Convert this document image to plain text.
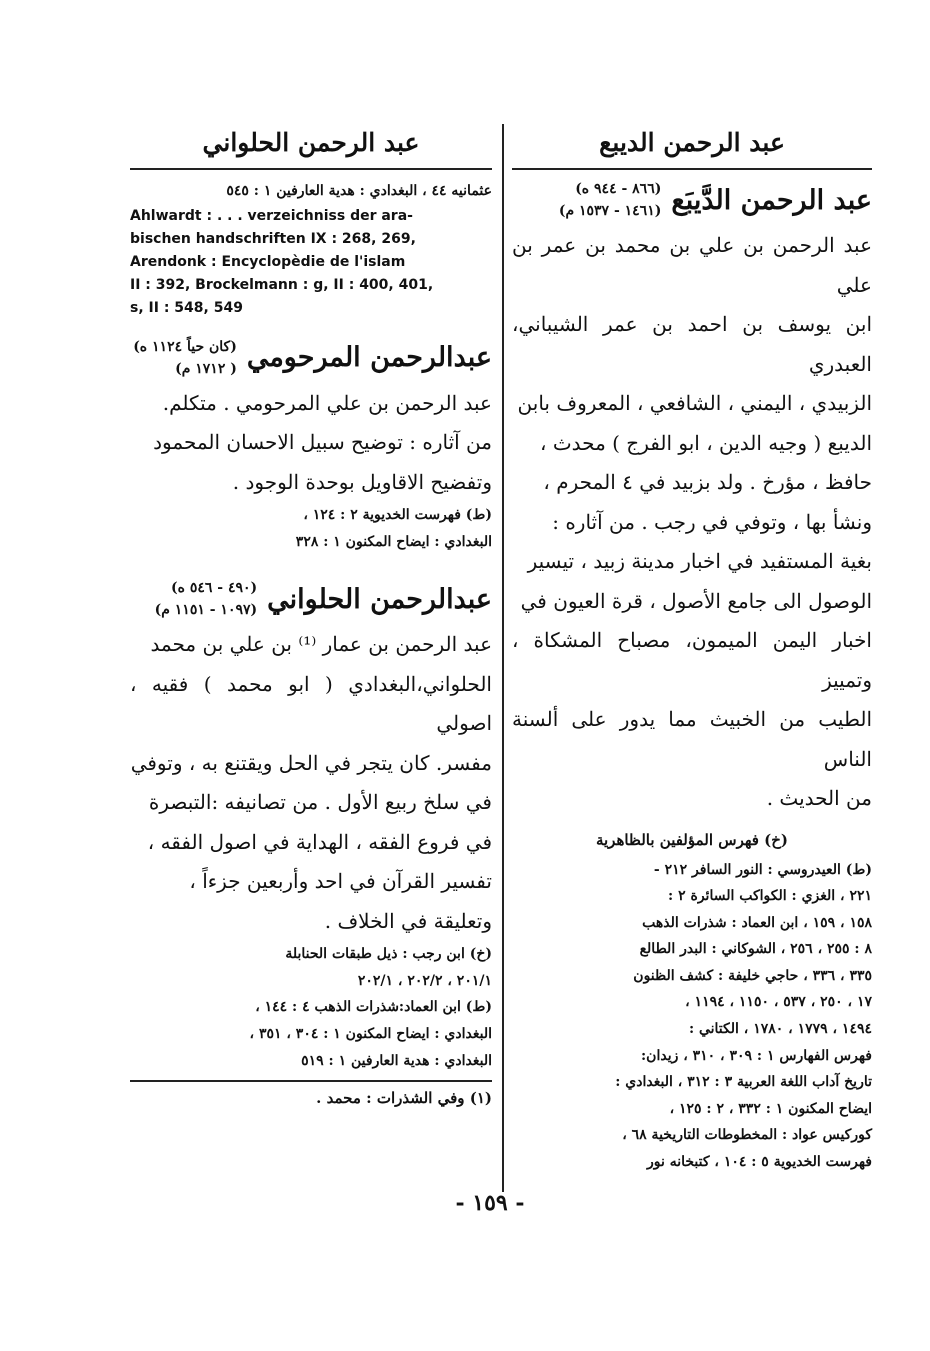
عبد الرحمن الديبع
عبد الرحمن الدَّيبَع
(٨٦٦ - ٩٤٤ ه)
(١٤٦١ - ١٥٣٧ م)
عبد الرحمن بن علي بن محمد بن عمر بن علي
ابن يوسف بن احمد بن عمر الشيباني، العبدري
الزبيدي ، اليمني ، الشافعي ، المعروف بابن
الديبع ( وجيه الدين ، ابو الفرج ) محدث ،
حافظ ، مؤرخ . ولد بزبيد في ٤ المحرم ،
ونشأ بها ، وتوفي في رجب . من آثاره :
بغية المستفيد في اخبار مدينة زبيد ، تيسير
الوصول الى جامع الأصول ، قرة العيون في
اخبار اليمن الميمون، مصباح المشكاة ، وتمييز
الطيب من الخبيث مما يدور على ألسنة الناس
من الحديث .
(خ) فهرس المؤلفين بالظاهرية
(ط) العيدروسي : النور السافر ٢١٢ -
٢٢١ ، الغزي : الكواكب السائرة ٢ :
١٥٨ ، ١٥٩ ، ابن العماد : شذرات الذهب
٨ : ٢٥٥ ، ٢٥٦ ، الشوكاني : البدر الطالع
٣٣٥ ، ٣٣٦ ، حاجي خليفة : كشف الظنون
١٧ ، ٢٥٠ ، ٥٣٧ ، ١١٥٠ ، ١١٩٤ ،
١٤٩٤ ، ١٧٧٩ ، ١٧٨٠ ، الكتاني :
فهرس الفهارس ١ : ٣٠٩ ، ٣١٠ ، زيدان:
تاريخ آداب اللغة العربية ٣ : ٣١٢ ، البغدادي :
ايضاح المكنون ١ : ٣٣٢ ، ٢ : ١٢٥ ،
كوركيس عواد : المخطوطات التاريخية ٦٨ ،
فهرست الخديوية ٥ : ١٠٤ ، كتبخانه نور
عبد الرحمن الحلواني
عثمانيه ٤٤ ، البغدادي : هدية العارفين ١ : ٥٤٥
Ahlwardt : . . . verzeichniss der ara-
bischen handschriften IX : 268, 269,
Arendonk : Encyclopèdie de l'islam
II : 392, Brockelmann : g, II : 400, 401,
s, II : 548, 549
عبدالرحمن المرحومي
(كان حياً ١١٢٤ ه)
( ١٧١٢ م)
عبد الرحمن بن علي المرحومي . متكلم.
من آثاره : توضيح سبيل الاحسان المحمود
وتفضيح الاقاويل بوحدة الوجود .
(ط) فهرست الخديوية ٢ : ١٢٤ ،
البغدادي : ايضاح المكنون ١ : ٣٢٨
عبدالرحمن الحلواني
(٤٩٠ - ٥٤٦ ه)
(١٠٩٧ - ١١٥١ م)
عبد الرحمن بن عمار ⁽¹⁾ بن علي بن محمد
الحلواني،البغدادي ( ابو محمد ) فقيه ، اصولي
مفسر. كان يتجر في الحل ويقتنع به ، وتوفي
في سلخ ربيع الأول . من تصانيفه :التبصرة
في فروع الفقه ، الهداية في اصول الفقه ،
تفسير القرآن في احد وأربعين جزءاً ،
وتعليقة في الخلاف .
(خ) ابن رجب : ذيل طبقات الحنابلة
٢٠١/١ ، ٢٠٢/٢ ، ٢٠٢/١
(ط) ابن العماد:شذرات الذهب ٤ : ١٤٤ ،
البغدادي : ايضاح المكنون ١ : ٣٠٤ ، ٣٥١ ،
البغدادي : هدية العارفين ١ : ٥١٩
(١) وفي الشذرات : محمد .
- ١٥٩ -
